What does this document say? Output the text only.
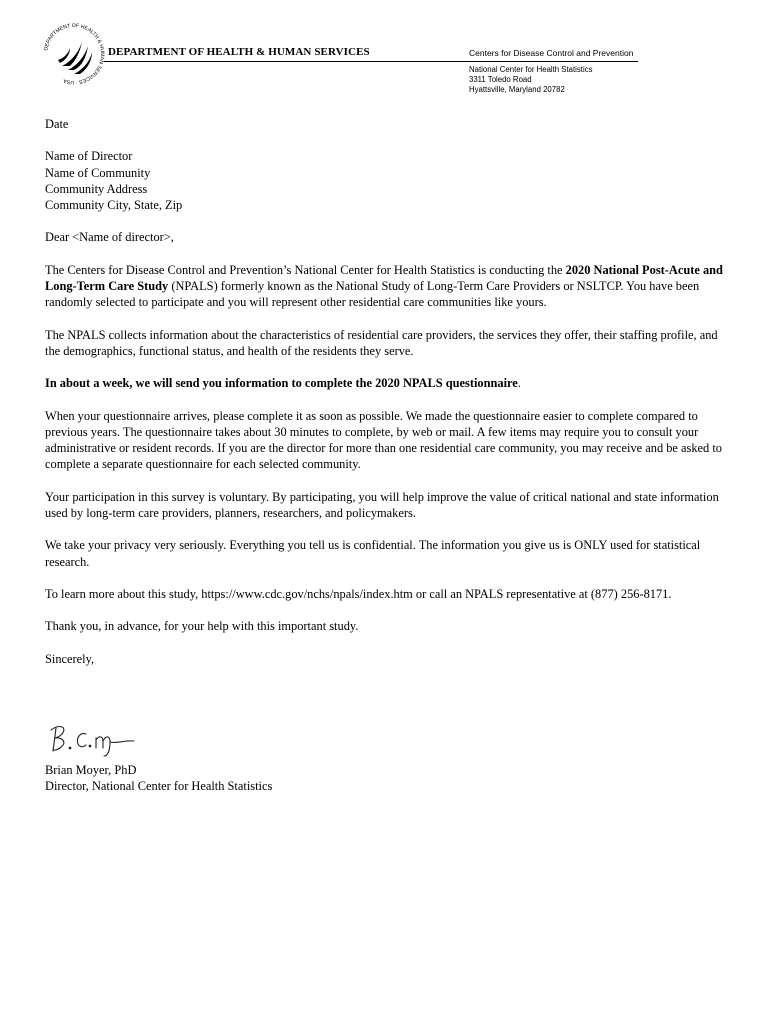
DEPARTMENT OF HEALTH & HUMAN SERVICES · USA
DEPARTMENT OF HEALTH & HUMAN SERVICES	Centers for Disease Control and Prevention
National Center for Health Statistics
3311 Toledo Road
Hyattsville, Maryland 20782

Date

Name of Director

Name of Community

Community Address

Community City, State, Zip

Dear <Name of director>,

The Centers for Disease Control and Prevention’s National Center for Health Statistics is conducting the 2020 National Post-Acute and Long-Term Care Study (NPALS) formerly known as the National Study of Long-Term Care Providers or NSLTCP. You have been randomly selected to participate and you will represent other residential care communities like yours.

The NPALS collects information about the characteristics of residential care providers, the services they offer, their staffing profile, and the demographics, functional status, and health of the residents they serve.

In about a week, we will send you information to complete the 2020 NPALS questionnaire.

When your questionnaire arrives, please complete it as soon as possible. We made the questionnaire easier to complete compared to previous years. The questionnaire takes about 30 minutes to complete, by web or mail. A few items may require you to consult your administrative or resident records. If you are the director for more than one residential care community, you may receive and be asked to complete a separate questionnaire for each selected community.

Your participation in this survey is voluntary. By participating, you will help improve the value of critical national and state information used by long-term care providers, planners, researchers, and policymakers.

We take your privacy very seriously. Everything you tell us is confidential. The information you give us is ONLY used for statistical research.

To learn more about this study, https://www.cdc.gov/nchs/npals/index.htm or call an NPALS representative at (877) 256-8171.

Thank you, in advance, for your help with this important study.

Sincerely,

Brian Moyer, PhD
Director, National Center for Health Statistics
